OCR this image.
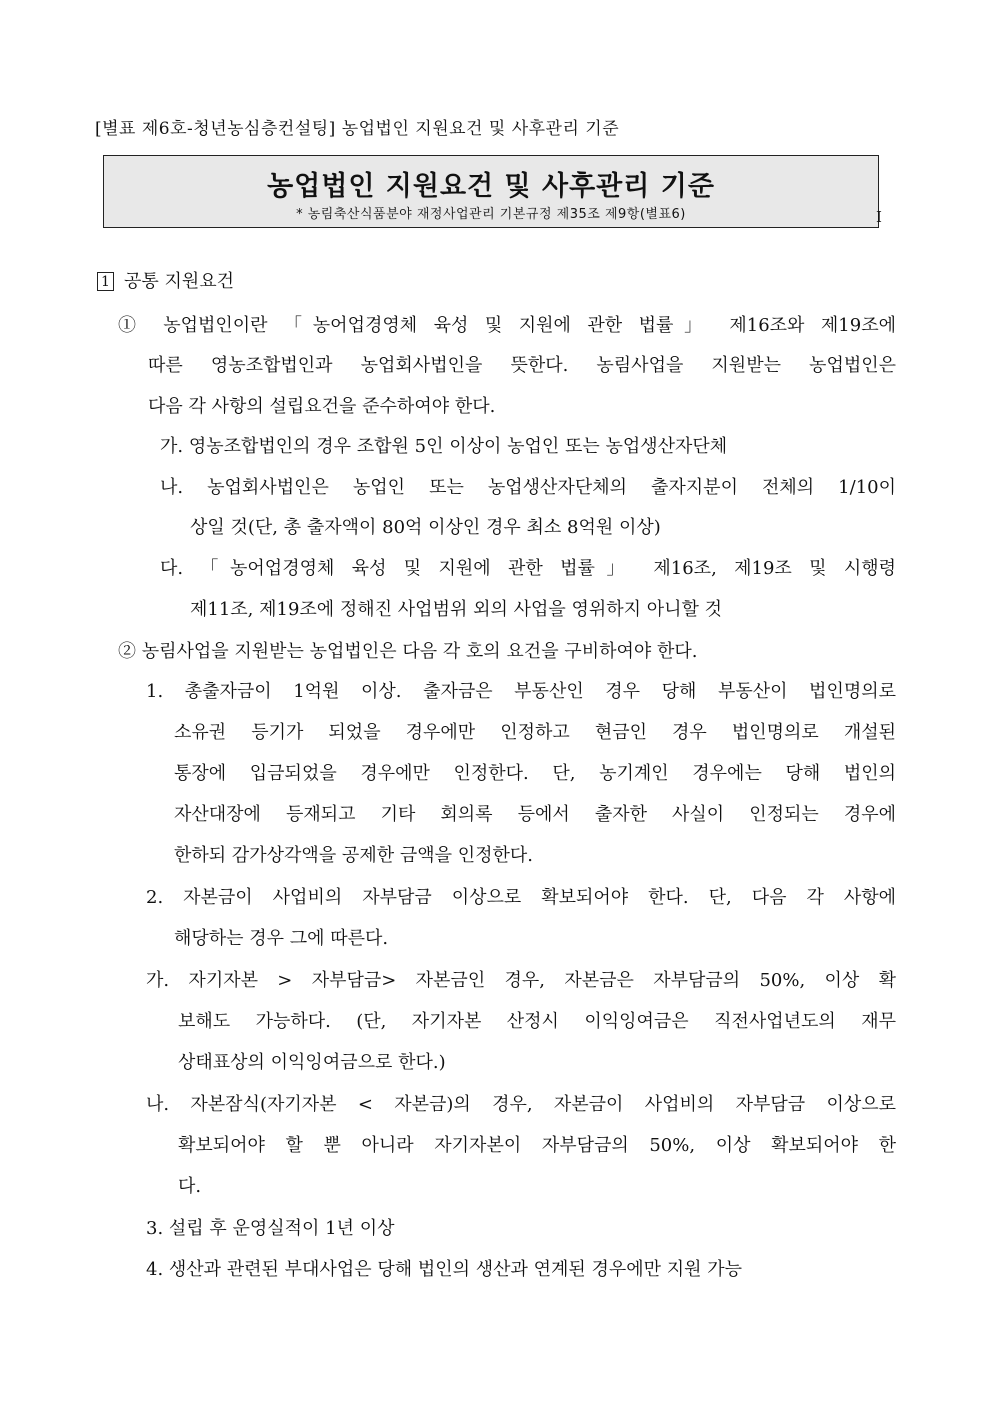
[별표 제6호-청년농심층컨설팅] 농업법인 지원요건 및 사후관리 기준
농업법인 지원요건 및 사후관리 기준
* 농림축산식품분야 재정사업관리 기본규정 제35조 제9항(별표6)	I
1 공통 지원요건
① 농업법인이란 「농어업경영체 육성 및 지원에 관한 법률」 제16조와 제19조에
따른 영농조합법인과 농업회사법인을 뜻한다. 농림사업을 지원받는 농업법인은
다음 각 사항의 설립요건을 준수하여야 한다.
가. 영농조합법인의 경우 조합원 5인 이상이 농업인 또는 농업생산자단체
나. 농업회사법인은 농업인 또는 농업생산자단체의 출자지분이 전체의 1/10이
상일 것(단, 총 출자액이 80억 이상인 경우 최소 8억원 이상)
다. 「농어업경영체 육성 및 지원에 관한 법률」 제16조, 제19조 및 시행령
제11조, 제19조에 정해진 사업범위 외의 사업을 영위하지 아니할 것
② 농림사업을 지원받는 농업법인은 다음 각 호의 요건을 구비하여야 한다.
1. 총출자금이 1억원 이상. 출자금은 부동산인 경우 당해 부동산이 법인명의로
소유권 등기가 되었을 경우에만 인정하고 현금인 경우 법인명의로 개설된
통장에 입금되었을 경우에만 인정한다. 단, 농기계인 경우에는 당해 법인의
자산대장에 등재되고 기타 회의록 등에서 출자한 사실이 인정되는 경우에
한하되 감가상각액을 공제한 금액을 인정한다.
2. 자본금이 사업비의 자부담금 이상으로 확보되어야 한다. 단, 다음 각 사항에
해당하는 경우 그에 따른다.
가. 자기자본 > 자부담금> 자본금인 경우, 자본금은 자부담금의 50%, 이상 확
보해도 가능하다. (단, 자기자본 산정시 이익잉여금은 직전사업년도의 재무
상태표상의 이익잉여금으로 한다.)
나. 자본잠식(자기자본 < 자본금)의 경우, 자본금이 사업비의 자부담금 이상으로
확보되어야 할 뿐 아니라 자기자본이 자부담금의 50%, 이상 확보되어야 한
다.
3. 설립 후 운영실적이 1년 이상
4. 생산과 관련된 부대사업은 당해 법인의 생산과 연계된 경우에만 지원 가능
